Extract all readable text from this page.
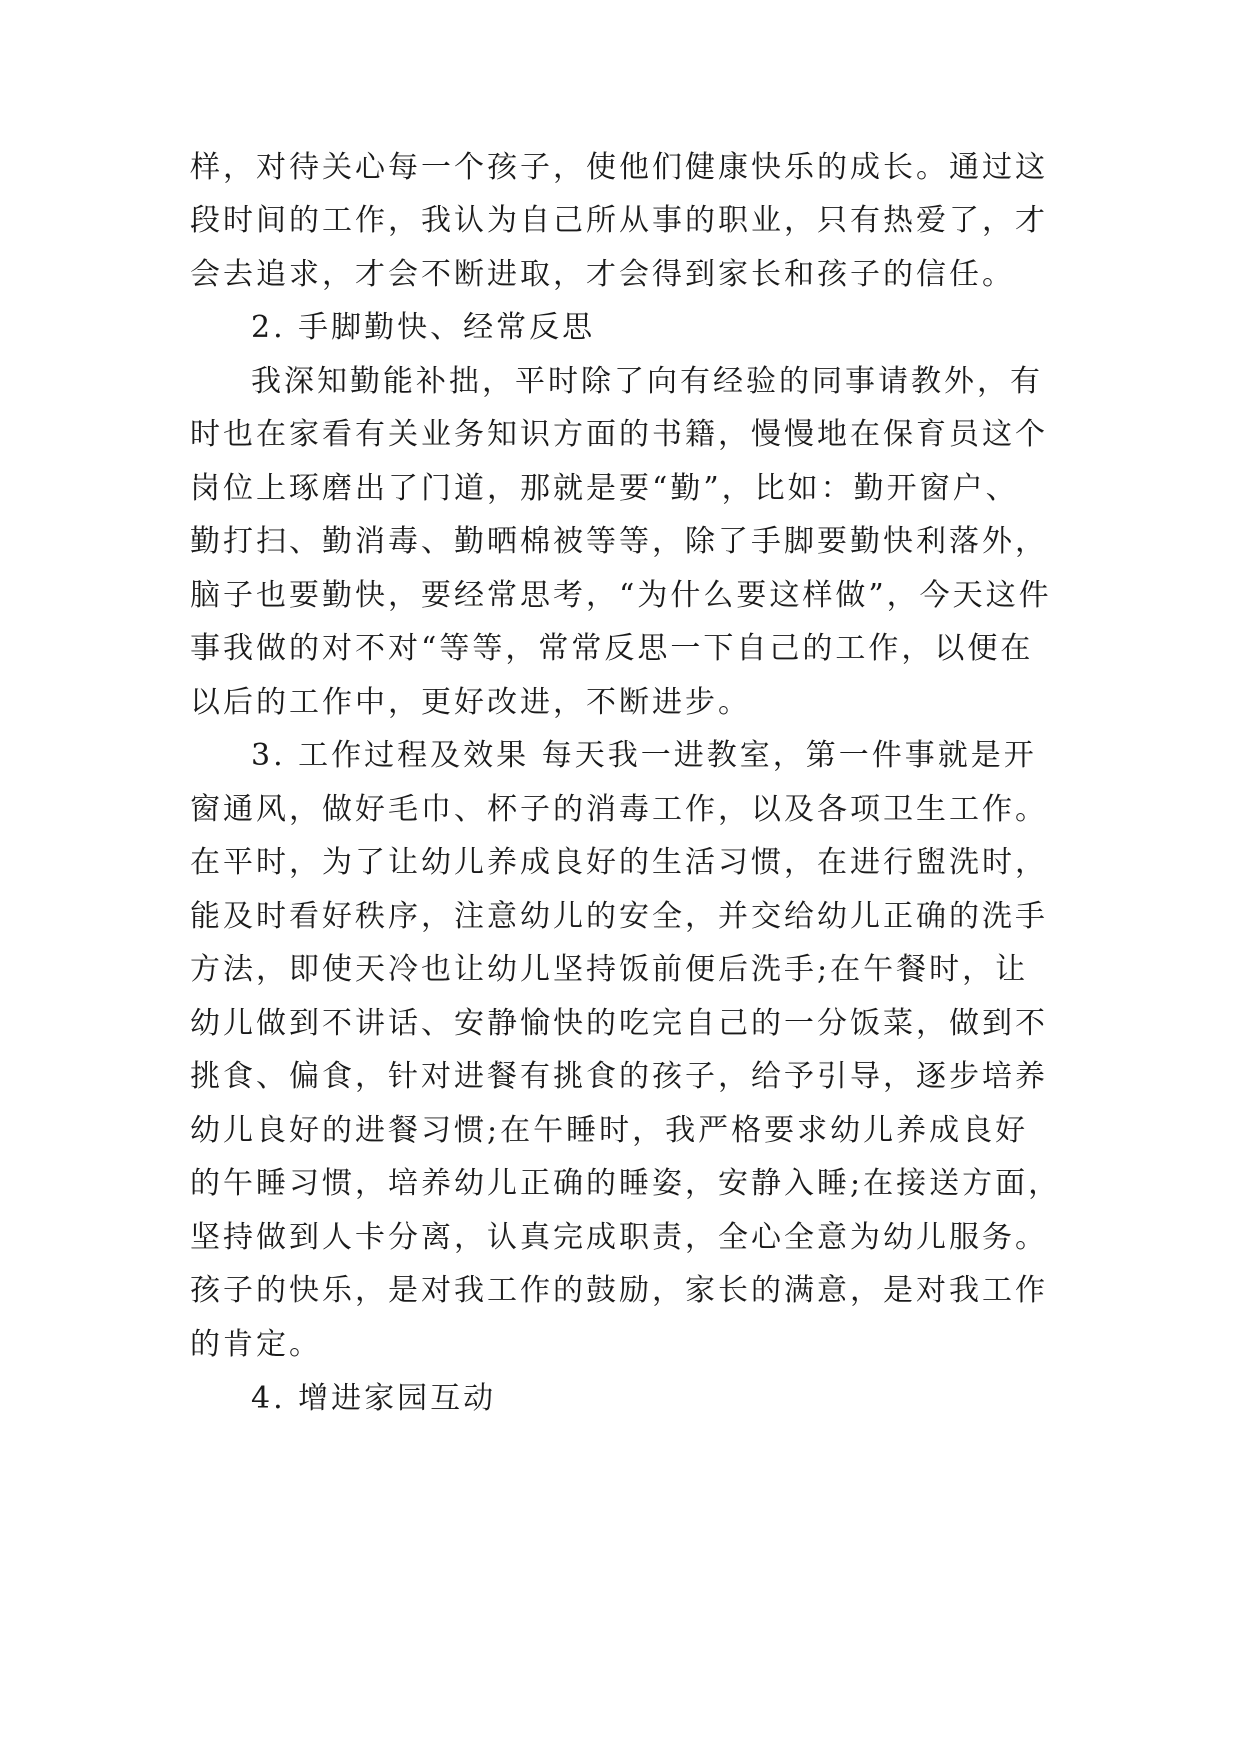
样，对待关心每一个孩子，使他们健康快乐的成长。通过这
段时间的工作，我认为自己所从事的职业，只有热爱了，才
会去追求，才会不断进取，才会得到家长和孩子的信任。
2. 手脚勤快、经常反思
我深知勤能补拙，平时除了向有经验的同事请教外，有
时也在家看有关业务知识方面的书籍，慢慢地在保育员这个
岗位上琢磨出了门道，那就是要“勤”，比如：勤开窗户、
勤打扫、勤消毒、勤晒棉被等等，除了手脚要勤快利落外，
脑子也要勤快，要经常思考，“为什么要这样做”，今天这件
事我做的对不对“等等，常常反思一下自己的工作，以便在
以后的工作中，更好改进，不断进步。
3. 工作过程及效果 每天我一进教室，第一件事就是开
窗通风，做好毛巾、杯子的消毒工作，以及各项卫生工作。
在平时，为了让幼儿养成良好的生活习惯，在进行盥洗时，
能及时看好秩序，注意幼儿的安全，并交给幼儿正确的洗手
方法，即使天冷也让幼儿坚持饭前便后洗手;在午餐时，让
幼儿做到不讲话、安静愉快的吃完自己的一分饭菜，做到不
挑食、偏食，针对进餐有挑食的孩子，给予引导，逐步培养
幼儿良好的进餐习惯;在午睡时，我严格要求幼儿养成良好
的午睡习惯，培养幼儿正确的睡姿，安静入睡;在接送方面，
坚持做到人卡分离，认真完成职责，全心全意为幼儿服务。
孩子的快乐，是对我工作的鼓励，家长的满意，是对我工作
的肯定。
4. 增进家园互动
